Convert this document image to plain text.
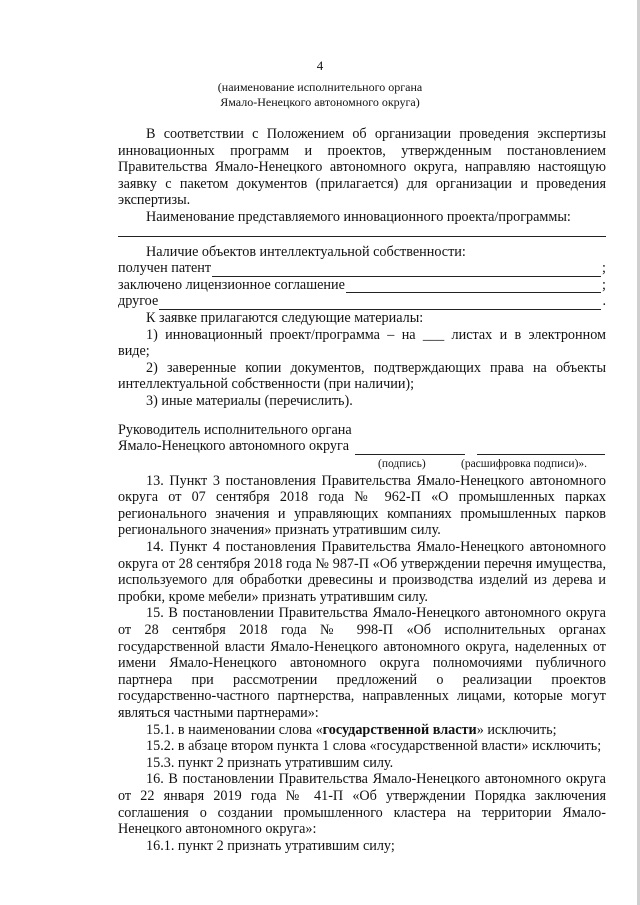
4
(наименование исполнительного органа
Ямало-Ненецкого автономного округа)

В соответствии с Положением об организации проведения экспертизы инновационных программ и проектов, утвержденным постановлением Правительства Ямало-Ненецкого автономного округа, направляю настоящую заявку с пакетом документов (прилагается) для организации и проведения экспертизы.

Наименование представляемого инновационного проекта/программы:

Наличие объектов интеллектуальной собственности:

получен патент	;
заключено лицензионное соглашение	;
другое	.

К заявке прилагаются следующие материалы:

1) инновационный проект/программа – на ___ листах и в электронном виде;

2) заверенные копии документов, подтверждающих права на объекты интеллектуальной собственности (при наличии);

3) иные материалы (перечислить).

Руководитель исполнительного органа
Ямало-Ненецкого автономного округа
(подпись)	(расшифровка подписи)».

13. Пункт 3 постановления Правительства Ямало-Ненецкого автономного округа от 07 сентября 2018 года № 962-П «О промышленных парках регионального значения и управляющих компаниях промышленных парков регионального значения» признать утратившим силу.

14. Пункт 4 постановления Правительства Ямало-Ненецкого автономного округа от 28 сентября 2018 года № 987-П «Об утверждении перечня имущества, используемого для обработки древесины и производства изделий из дерева и пробки, кроме мебели» признать утратившим силу.

15. В постановлении Правительства Ямало-Ненецкого автономного округа от 28 сентября 2018 года № 998-П «Об исполнительных органах государственной власти Ямало-Ненецкого автономного округа, наделенных от имени Ямало-Ненецкого автономного округа полномочиями публичного партнера при рассмотрении предложений о реализации проектов государственно-частного партнерства, направленных лицами, которые могут являться частными партнерами»:

15.1. в наименовании слова «государственной власти» исключить;

15.2. в абзаце втором пункта 1 слова «государственной власти» исключить;

15.3. пункт 2 признать утратившим силу.

16. В постановлении Правительства Ямало-Ненецкого автономного округа от 22 января 2019 года № 41-П «Об утверждении Порядка заключения соглашения о создании промышленного кластера на территории Ямало-Ненецкого автономного округа»:

16.1. пункт 2 признать утратившим силу;
